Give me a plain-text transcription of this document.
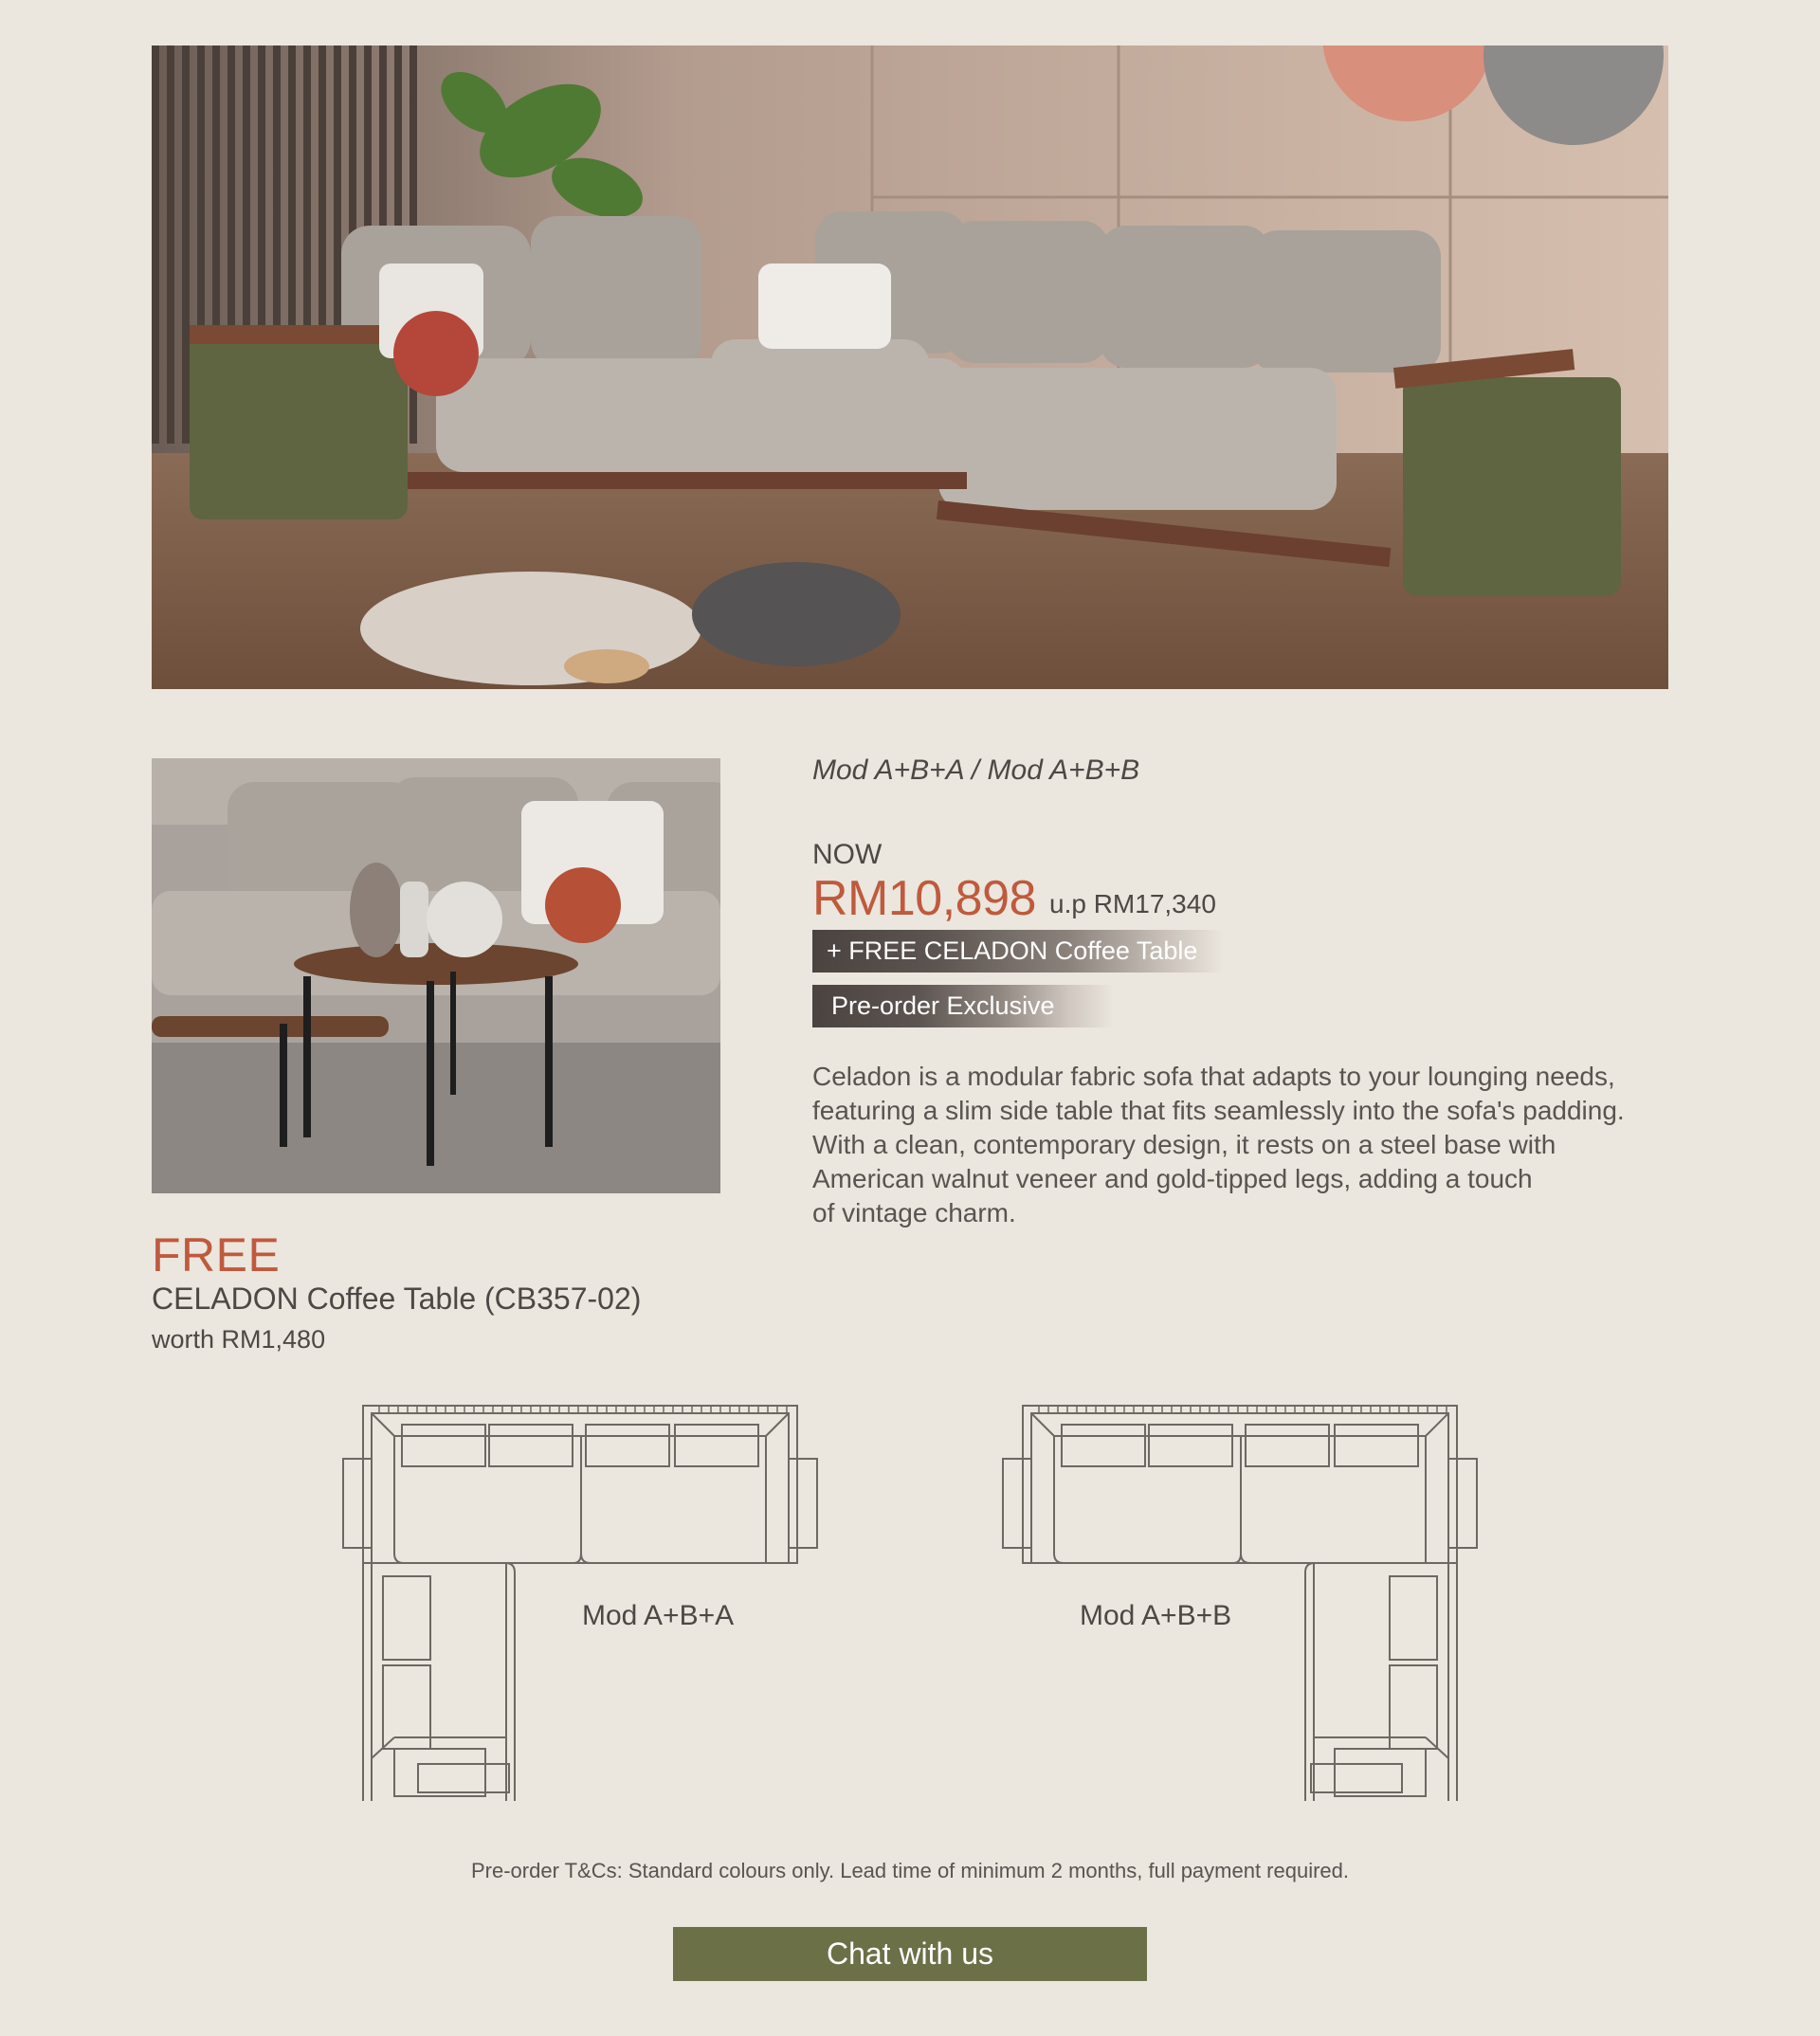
Mod A+B+A / Mod A+B+B
NOW
RM10,898 u.p RM17,340
+ FREE CELADON Coffee Table
Pre-order Exclusive
Celadon is a modular fabric sofa that adapts to your lounging needs,
featuring a slim side table that fits seamlessly into the sofa's padding.
With a clean, contemporary design, it rests on a steel base with
American walnut veneer and gold-tipped legs, adding a touch
of vintage charm.
FREE
CELADON Coffee Table (CB357-02)
worth RM1,480
Mod A+B+A	Mod A+B+B
Pre-order T&Cs: Standard colours only. Lead time of minimum 2 months, full payment required.
Chat with us
